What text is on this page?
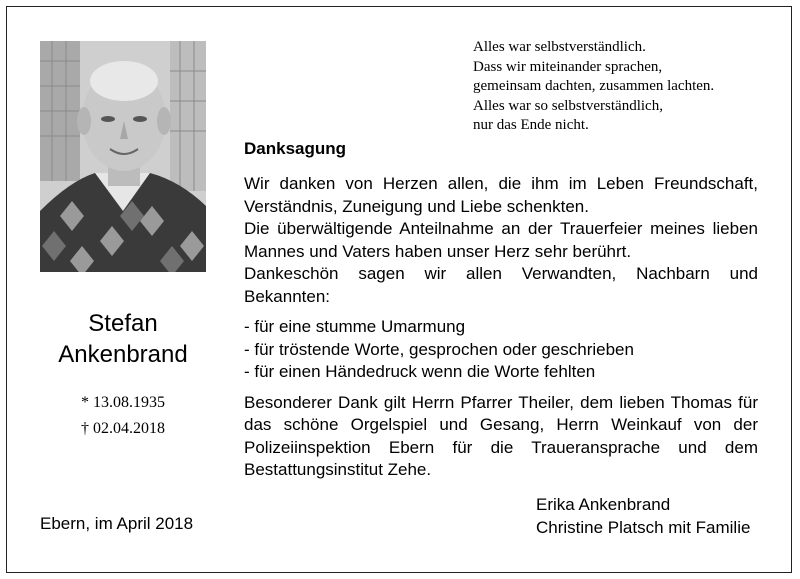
Stefan
Ankenbrand
* 13.08.1935
† 02.04.2018
Ebern, im April 2018
Alles war selbstverständlich.
Dass wir miteinander sprachen,
gemeinsam dachten, zusammen lachten.
Alles war so selbstverständlich,
nur das Ende nicht.
Danksagung

Wir danken von Herzen allen, die ihm im Leben Freundschaft, Verständnis, Zuneigung und Liebe schenkten.

Die überwältigende Anteilnahme an der Trauerfeier meines lieben Mannes und Vaters haben unser Herz sehr berührt.

Dankeschön sagen wir allen Verwandten, Nachbarn und Bekannten:

- für eine stumme Umarmung
- für tröstende Worte, gesprochen oder geschrieben
- für einen Händedruck wenn die Worte fehlten

Besonderer Dank gilt Herrn Pfarrer Theiler, dem lieben Thomas für das schöne Orgelspiel und Gesang, Herrn Weinkauf von der Polizeiinspektion Ebern für die Traueransprache und dem Bestattungsinstitut Zehe.

Erika Ankenbrand
Christine Platsch mit Familie
